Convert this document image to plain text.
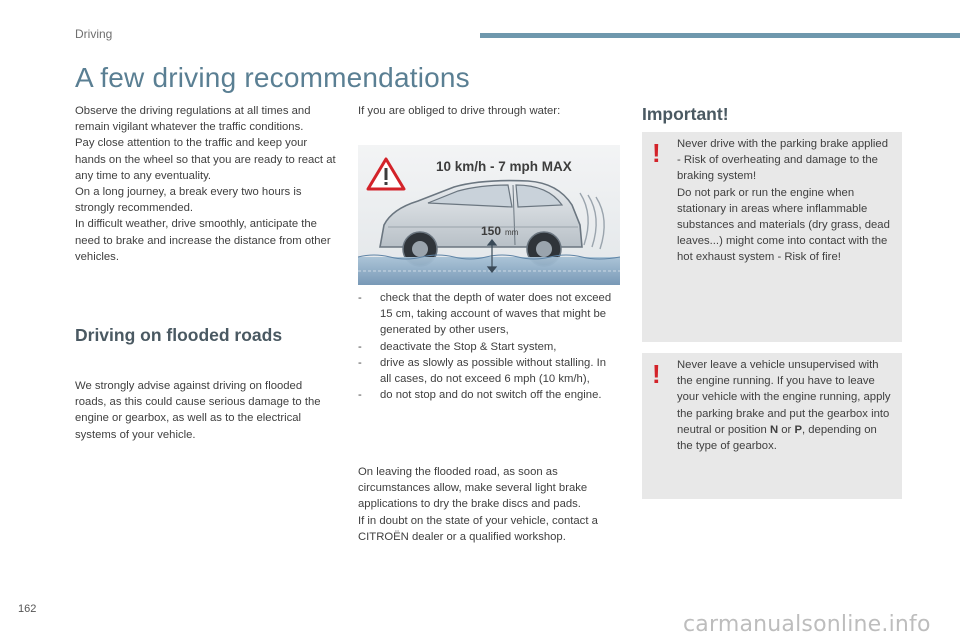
Driving
A few driving recommendations

Observe the driving regulations at all times and remain vigilant whatever the traffic conditions.

Pay close attention to the traffic and keep your hands on the wheel so that you are ready to react at any time to any eventuality.

On a long journey, a break every two hours is strongly recommended.

In difficult weather, drive smoothly, anticipate the need to brake and increase the distance from other vehicles.

Driving on flooded roads

We strongly advise against driving on flooded roads, as this could cause serious damage to the engine or gearbox, as well as to the electrical systems of your vehicle.

If you are obliged to drive through water:

10 km/h - 7 mph MAX
150 mm
-	check that the depth of water does not exceed 15 cm, taking account of waves that might be generated by other users,
-	deactivate the Stop & Start system,
-	drive as slowly as possible without stalling. In all cases, do not exceed 6 mph (10 km/h),
-	do not stop and do not switch off the engine.

On leaving the flooded road, as soon as circumstances allow, make several light brake applications to dry the brake discs and pads.

If in doubt on the state of your vehicle, contact a CITROËN dealer or a qualified workshop.

Important!
! Never drive with the parking brake applied - Risk of overheating and damage to the braking system!

Do not park or run the engine when stationary in areas where inflammable substances and materials (dry grass, dead leaves...) might come into contact with the hot exhaust system - Risk of fire!

! Never leave a vehicle unsupervised with the engine running. If you have to leave your vehicle with the engine running, apply the parking brake and put the gearbox into neutral or position N or P, depending on the type of gearbox.

162
carmanualsonline.info
